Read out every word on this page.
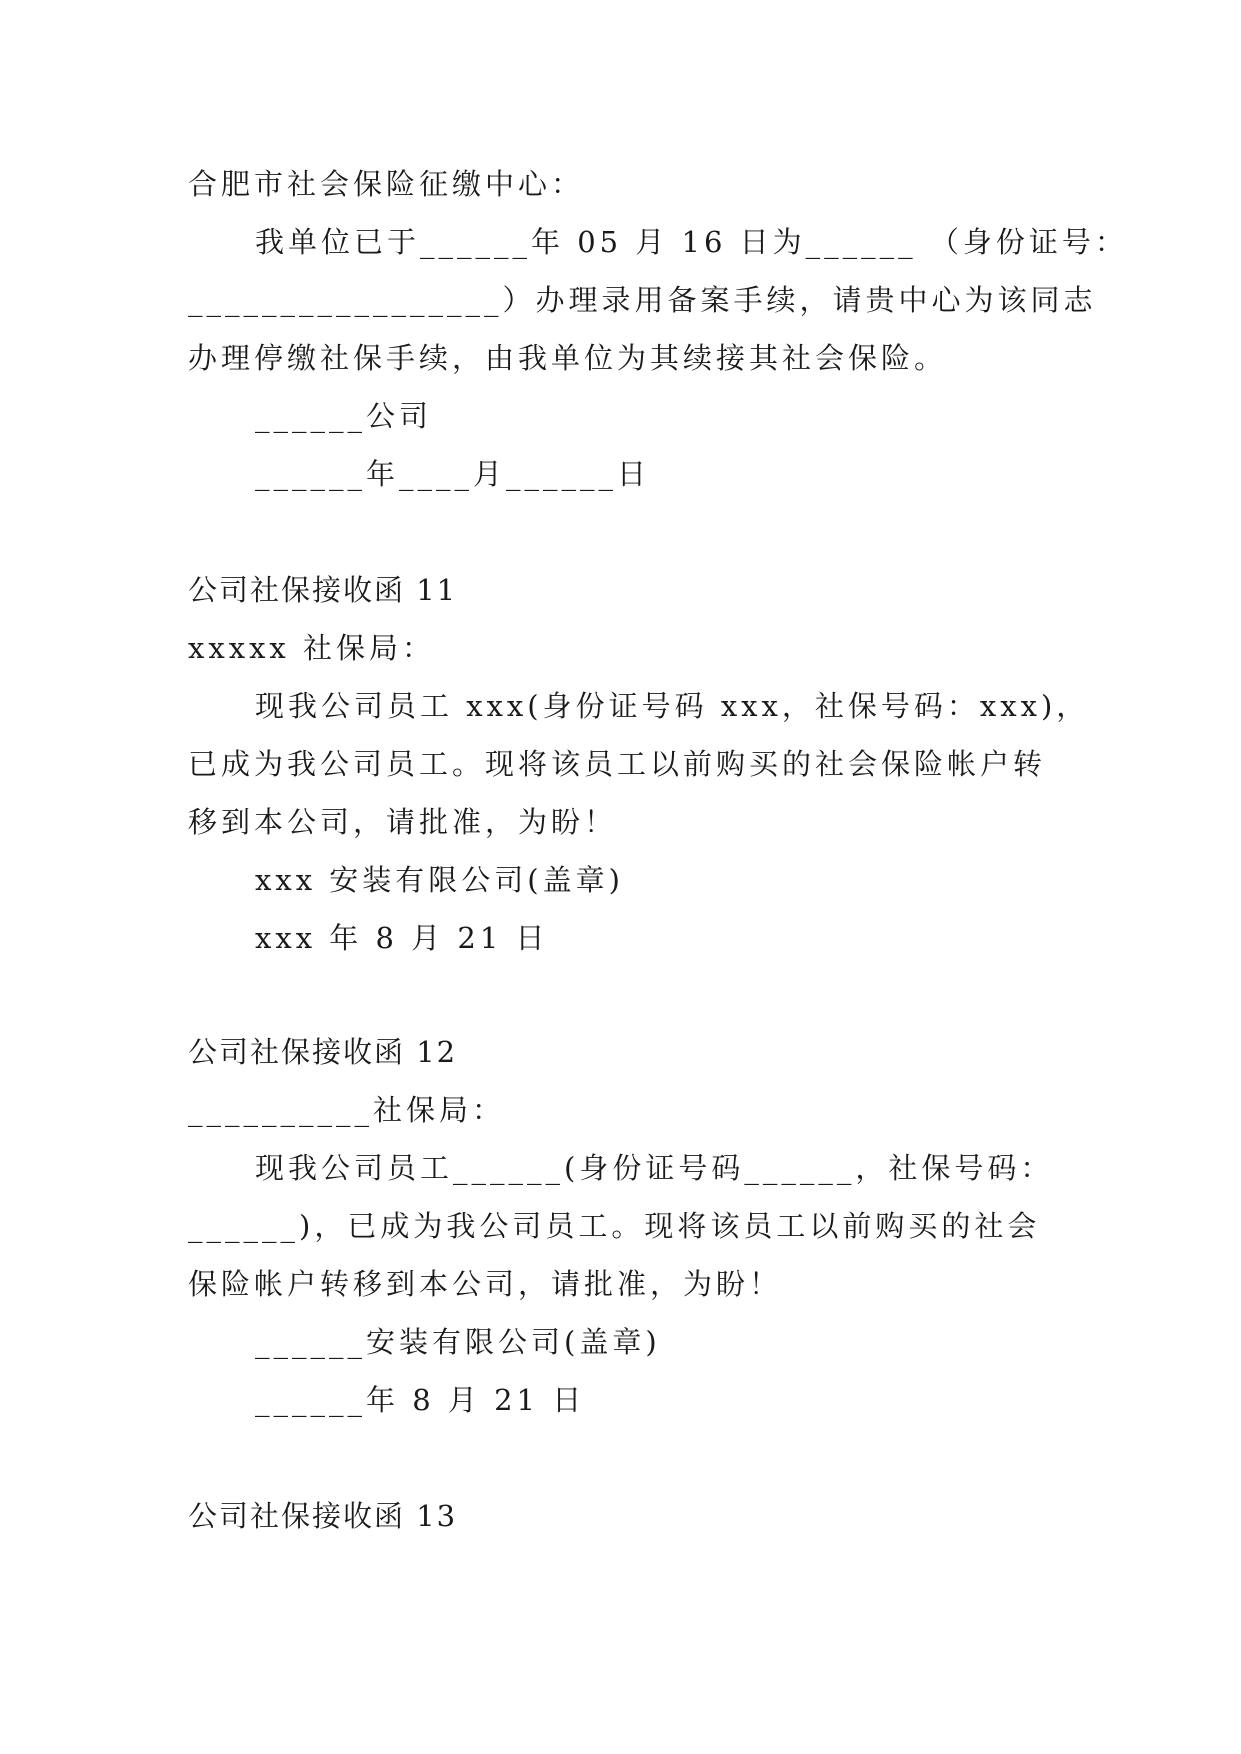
合肥市社会保险征缴中心：
我单位已于______年 05 月 16 日为______ （身份证号：
_________________）办理录用备案手续，请贵中心为该同志
办理停缴社保手续，由我单位为其续接其社会保险。
______公司
______年____月______日
公司社保接收函 11
xxxxx 社保局：
现我公司员工 xxx(身份证号码 xxx，社保号码：xxx)，
已成为我公司员工。现将该员工以前购买的社会保险帐户转
移到本公司，请批准，为盼！
xxx 安装有限公司(盖章)
xxx 年 8 月 21 日
公司社保接收函 12
__________社保局：
现我公司员工______(身份证号码______，社保号码：
______)，已成为我公司员工。现将该员工以前购买的社会
保险帐户转移到本公司，请批准，为盼！
______安装有限公司(盖章)
______年 8 月 21 日
公司社保接收函 13
